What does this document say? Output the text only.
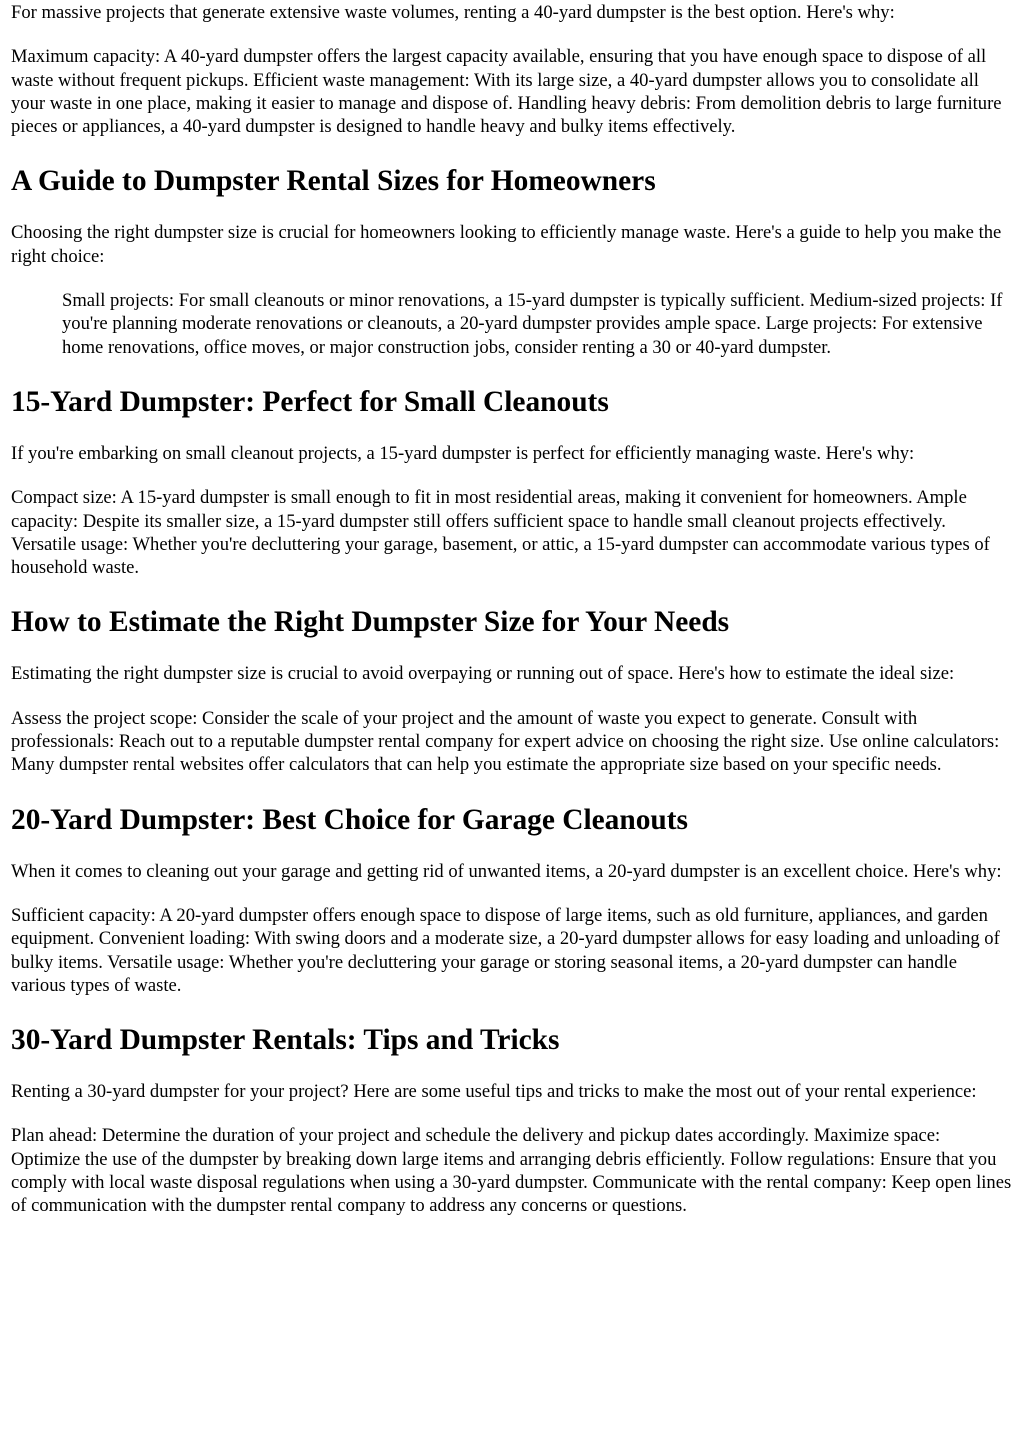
For massive projects that generate extensive waste volumes, renting a 40-yard dumpster is the best option. Here's why:

Maximum capacity: A 40-yard dumpster offers the largest capacity available, ensuring that you have enough space to dispose of all waste without frequent pickups. Efficient waste management: With its large size, a 40-yard dumpster allows you to consolidate all your waste in one place, making it easier to manage and dispose of. Handling heavy debris: From demolition debris to large furniture pieces or appliances, a 40-yard dumpster is designed to handle heavy and bulky items effectively.

A Guide to Dumpster Rental Sizes for Homeowners

Choosing the right dumpster size is crucial for homeowners looking to efficiently manage waste. Here's a guide to help you make the right choice:

Small projects: For small cleanouts or minor renovations, a 15-yard dumpster is typically sufficient. Medium-sized projects: If you're planning moderate renovations or cleanouts, a 20-yard dumpster provides ample space. Large projects: For extensive home renovations, office moves, or major construction jobs, consider renting a 30 or 40-yard dumpster.

15-Yard Dumpster: Perfect for Small Cleanouts

If you're embarking on small cleanout projects, a 15-yard dumpster is perfect for efficiently managing waste. Here's why:

Compact size: A 15-yard dumpster is small enough to fit in most residential areas, making it convenient for homeowners. Ample capacity: Despite its smaller size, a 15-yard dumpster still offers sufficient space to handle small cleanout projects effectively. Versatile usage: Whether you're decluttering your garage, basement, or attic, a 15-yard dumpster can accommodate various types of household waste.

How to Estimate the Right Dumpster Size for Your Needs

Estimating the right dumpster size is crucial to avoid overpaying or running out of space. Here's how to estimate the ideal size:

Assess the project scope: Consider the scale of your project and the amount of waste you expect to generate. Consult with professionals: Reach out to a reputable dumpster rental company for expert advice on choosing the right size. Use online calculators: Many dumpster rental websites offer calculators that can help you estimate the appropriate size based on your specific needs.

20-Yard Dumpster: Best Choice for Garage Cleanouts

When it comes to cleaning out your garage and getting rid of unwanted items, a 20-yard dumpster is an excellent choice. Here's why:

Sufficient capacity: A 20-yard dumpster offers enough space to dispose of large items, such as old furniture, appliances, and garden equipment. Convenient loading: With swing doors and a moderate size, a 20-yard dumpster allows for easy loading and unloading of bulky items. Versatile usage: Whether you're decluttering your garage or storing seasonal items, a 20-yard dumpster can handle various types of waste.

30-Yard Dumpster Rentals: Tips and Tricks

Renting a 30-yard dumpster for your project? Here are some useful tips and tricks to make the most out of your rental experience:

Plan ahead: Determine the duration of your project and schedule the delivery and pickup dates accordingly. Maximize space: Optimize the use of the dumpster by breaking down large items and arranging debris efficiently. Follow regulations: Ensure that you comply with local waste disposal regulations when using a 30-yard dumpster. Communicate with the rental company: Keep open lines of communication with the dumpster rental company to address any concerns or questions.
